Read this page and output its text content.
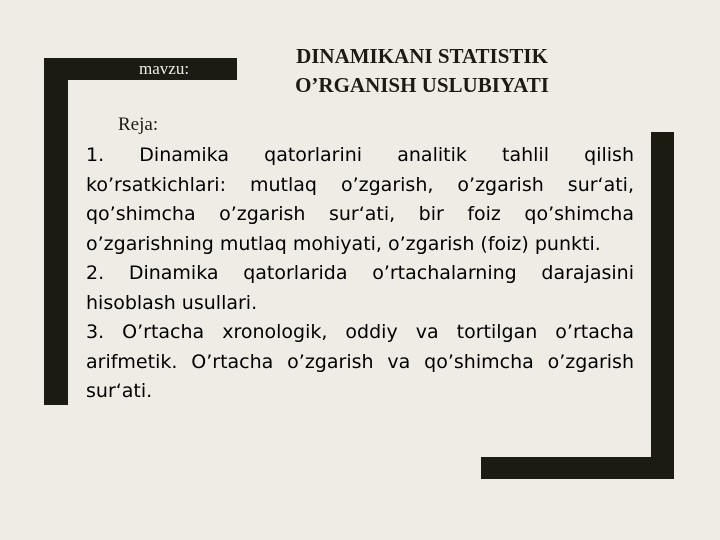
mavzu:
DINAMIKANI STATISTIK
O’RGANISH USLUBIYATI
Reja:

1. Dinamika qatorlarini analitik tahlil qilish ko’rsatkichlari: mutlaq o’zgarish, o’zgarish sur‘ati, qo’shimcha o’zgarish sur‘ati, bir foiz qo’shimcha o’zgarishning mutlaq mohiyati, o’zgarish (foiz) punkti.

2. Dinamika qatorlarida o’rtachalarning darajasini hisoblash usullari.

3. O’rtacha xronologik, oddiy va tortilgan o’rtacha arifmetik. O’rtacha o’zgarish va qo’shimcha o’zgarish sur‘ati.
